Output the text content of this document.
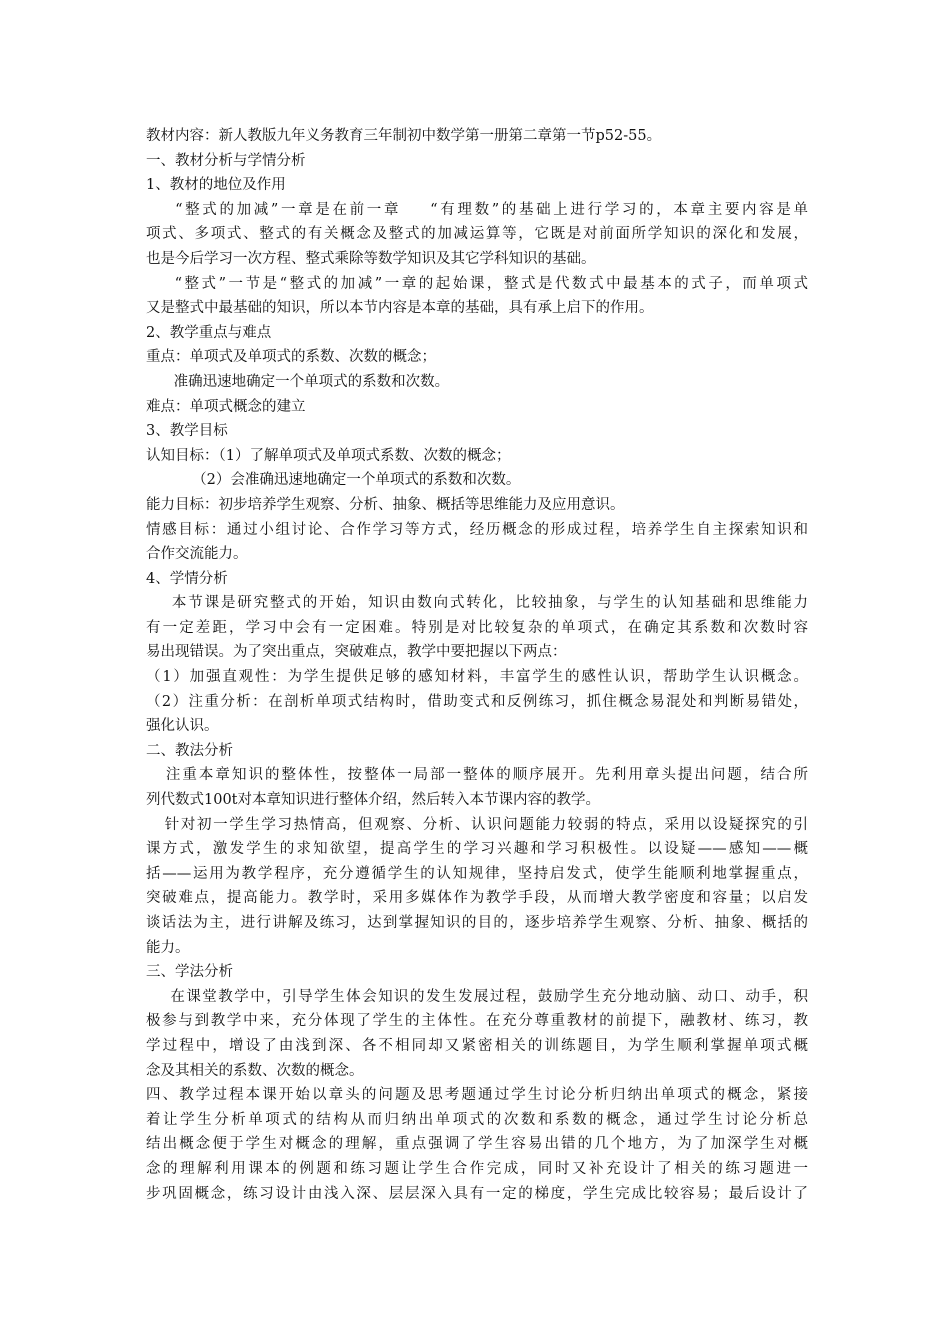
教材内容：新人教版九年义务教育三年制初中数学第一册第二章第一节p52-55。
一、教材分析与学情分析
1、教材的地位及作用
“整式的加减”一章是在前一章    “有理数”的基础上进行学习的，本章主要内容是单
项式、多项式、整式的有关概念及整式的加减运算等，它既是对前面所学知识的深化和发展，
也是今后学习一次方程、整式乘除等数学知识及其它学科知识的基础。
“整式”一节是“整式的加减”一章的起始课，整式是代数式中最基本的式子，而单项式
又是整式中最基础的知识，所以本节内容是本章的基础，具有承上启下的作用。
2、教学重点与难点
重点：单项式及单项式的系数、次数的概念；
准确迅速地确定一个单项式的系数和次数。
难点：单项式概念的建立
3、教学目标
认知目标：（1）了解单项式及单项式系数、次数的概念；
（2）会准确迅速地确定一个单项式的系数和次数。
能力目标：初步培养学生观察、分析、抽象、概括等思维能力及应用意识。
情感目标：通过小组讨论、合作学习等方式，经历概念的形成过程，培养学生自主探索知识和
合作交流能力。
4、学情分析
本节课是研究整式的开始，知识由数向式转化，比较抽象，与学生的认知基础和思维能力
有一定差距，学习中会有一定困难。特别是对比较复杂的单项式，在确定其系数和次数时容
易出现错误。为了突出重点，突破难点，教学中要把握以下两点：
（1）加强直观性：为学生提供足够的感知材料，丰富学生的感性认识，帮助学生认识概念。
（2）注重分析：在剖析单项式结构时，借助变式和反例练习，抓住概念易混处和判断易错处，
强化认识。
二、教法分析
注重本章知识的整体性，按整体一局部一整体的顺序展开。先利用章头提出问题，结合所
列代数式100t对本章知识进行整体介绍，然后转入本节课内容的教学。
针对初一学生学习热情高，但观察、分析、认识问题能力较弱的特点，采用以设疑探究的引
课方式，激发学生的求知欲望，提高学生的学习兴趣和学习积极性。以设疑——感知——概
括——运用为教学程序，充分遵循学生的认知规律，坚持启发式，使学生能顺利地掌握重点，
突破难点，提高能力。教学时，采用多媒体作为教学手段，从而增大教学密度和容量；以启发
谈话法为主，进行讲解及练习，达到掌握知识的目的，逐步培养学生观察、分析、抽象、概括的
能力。
三、学法分析
在课堂教学中，引导学生体会知识的发生发展过程，鼓励学生充分地动脑、动口、动手，积
极参与到教学中来，充分体现了学生的主体性。在充分尊重教材的前提下，融教材、练习，教
学过程中，增设了由浅到深、各不相同却又紧密相关的训练题目，为学生顺利掌握单项式概
念及其相关的系数、次数的概念。
四、教学过程本课开始以章头的问题及思考题通过学生讨论分析归纳出单项式的概念，紧接
着让学生分析单项式的结构从而归纳出单项式的次数和系数的概念，通过学生讨论分析总
结出概念便于学生对概念的理解，重点强调了学生容易出错的几个地方，为了加深学生对概
念的理解利用课本的例题和练习题让学生合作完成，同时又补充设计了相关的练习题进一
步巩固概念，练习设计由浅入深、层层深入具有一定的梯度，学生完成比较容易；最后设计了
